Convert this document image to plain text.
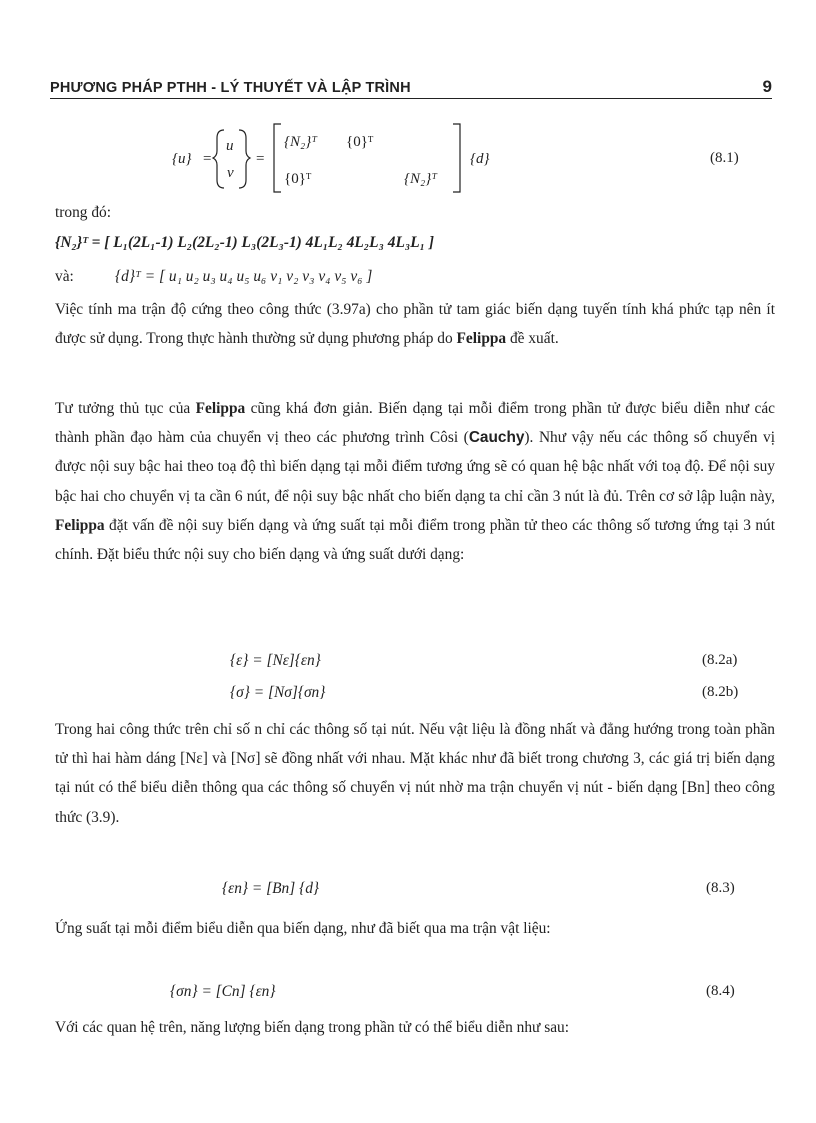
PHƯƠNG PHÁP PTHH - LÝ THUYẾT VÀ LẬP TRÌNH	9
{u} =
u
v
=
{N₂}ᵀ {0}ᵀ
{0}ᵀ	{N₂}ᵀ
{d}	(8.1)
trong đó:
{N₂}ᵀ = [ L₁(2L₁-1) L₂(2L₂-1) L₃(2L₃-1) 4L₁L₂ 4L₂L₃ 4L₃L₁ ]
và:	{d}ᵀ = [ u₁ u₂ u₃ u₄ u₅ u₆ v₁ v₂ v₃ v₄ v₅ v₆ ]
Việc tính ma trận độ cứng theo công thức (3.97a) cho phần tử tam giác biến dạng tuyến tính khá phức tạp nên ít được sử dụng. Trong thực hành thường sử dụng phương pháp do Felippa đề xuất.
Tư tưởng thủ tục của Felippa cũng khá đơn giản. Biến dạng tại mỗi điểm trong phần tử được biểu diễn như các thành phần đạo hàm của chuyển vị theo các phương trình Côsi (Cauchy). Như vậy nếu các thông số chuyển vị được nội suy bậc hai theo toạ độ thì biến dạng tại mỗi điểm tương ứng sẽ có quan hệ bậc nhất với toạ độ. Để nội suy bậc hai cho chuyển vị ta cần 6 nút, để nội suy bậc nhất cho biến dạng ta chỉ cần 3 nút là đủ. Trên cơ sở lập luận này, Felippa đặt vấn đề nội suy biến dạng và ứng suất tại mỗi điểm trong phần tử theo các thông số tương ứng tại 3 nút chính. Đặt biểu thức nội suy cho biến dạng và ứng suất dưới dạng:
{ε} = [Nε]{εn}	(8.2a)
{σ} = [Nσ]{σn}	(8.2b)
Trong hai công thức trên chỉ số n chỉ các thông số tại nút. Nếu vật liệu là đồng nhất và đẳng hướng trong toàn phần tử thì hai hàm dáng [Nε] và [Nσ] sẽ đồng nhất với nhau. Mặt khác như đã biết trong chương 3, các giá trị biến dạng tại nút có thể biểu diễn thông qua các thông số chuyển vị nút nhờ ma trận chuyển vị nút - biến dạng [Bn] theo công thức (3.9).
{εn} = [Bn] {d}	(8.3)
Ứng suất tại mỗi điểm biểu diễn qua biến dạng, như đã biết qua ma trận vật liệu:
{σn} = [Cn] {εn}	(8.4)
Với các quan hệ trên, năng lượng biến dạng trong phần tử có thể biểu diễn như sau:
